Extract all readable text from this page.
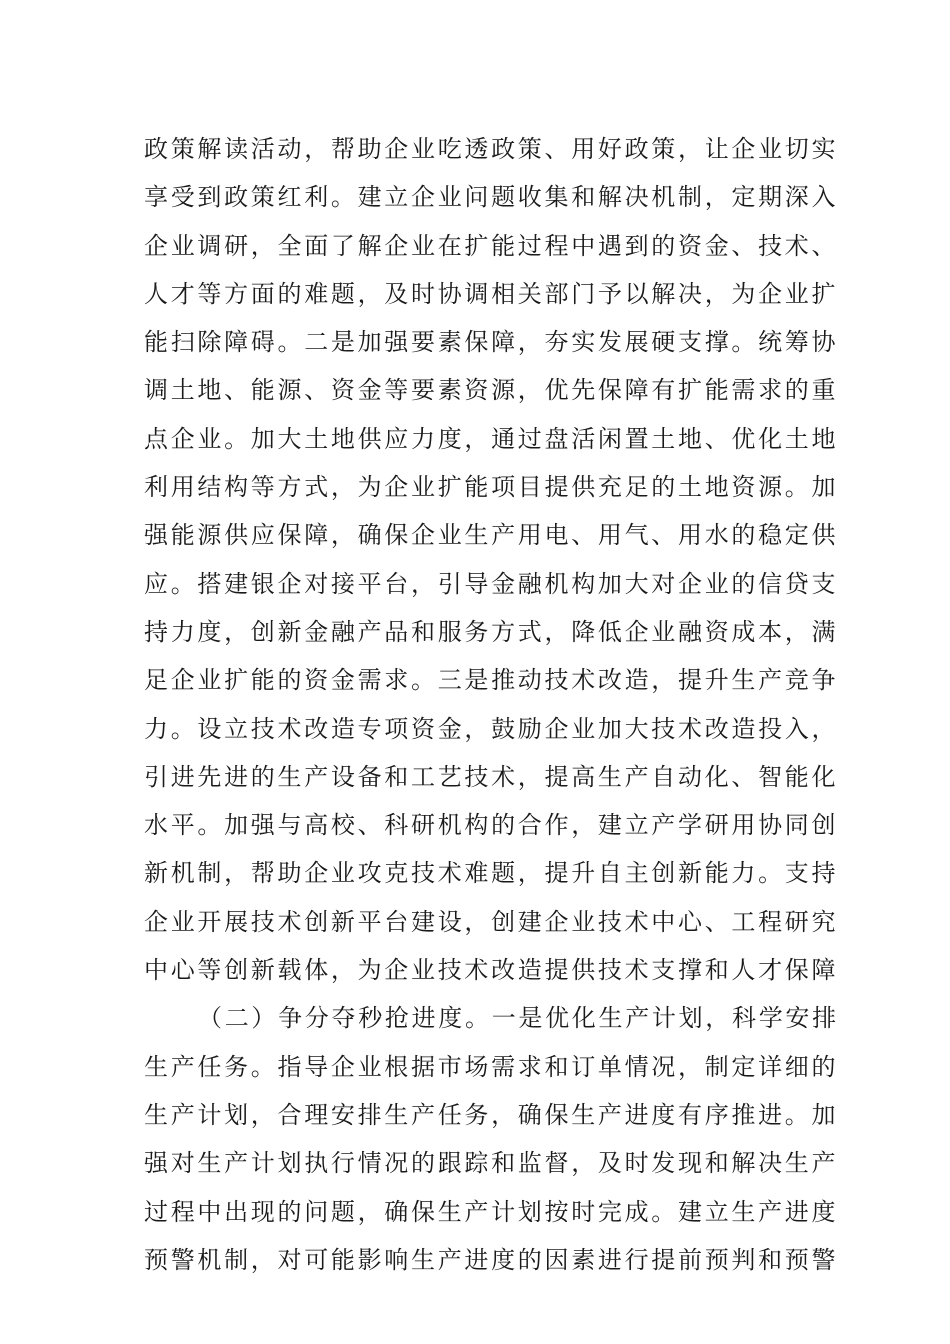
政策解读活动，帮助企业吃透政策、用好政策，让企业切实
享受到政策红利。建立企业问题收集和解决机制，定期深入
企业调研，全面了解企业在扩能过程中遇到的资金、技术、
人才等方面的难题，及时协调相关部门予以解决，为企业扩
能扫除障碍。二是加强要素保障，夯实发展硬支撑。统筹协
调土地、能源、资金等要素资源，优先保障有扩能需求的重
点企业。加大土地供应力度，通过盘活闲置土地、优化土地
利用结构等方式，为企业扩能项目提供充足的土地资源。加
强能源供应保障，确保企业生产用电、用气、用水的稳定供
应。搭建银企对接平台，引导金融机构加大对企业的信贷支
持力度，创新金融产品和服务方式，降低企业融资成本，满
足企业扩能的资金需求。三是推动技术改造，提升生产竞争
力。设立技术改造专项资金，鼓励企业加大技术改造投入，
引进先进的生产设备和工艺技术，提高生产自动化、智能化
水平。加强与高校、科研机构的合作，建立产学研用协同创
新机制，帮助企业攻克技术难题，提升自主创新能力。支持
企业开展技术创新平台建设，创建企业技术中心、工程研究
中心等创新载体，为企业技术改造提供技术支撑和人才保障
（二）争分夺秒抢进度。一是优化生产计划，科学安排
生产任务。指导企业根据市场需求和订单情况，制定详细的
生产计划，合理安排生产任务，确保生产进度有序推进。加
强对生产计划执行情况的跟踪和监督，及时发现和解决生产
过程中出现的问题，确保生产计划按时完成。建立生产进度
预警机制，对可能影响生产进度的因素进行提前预判和预警
